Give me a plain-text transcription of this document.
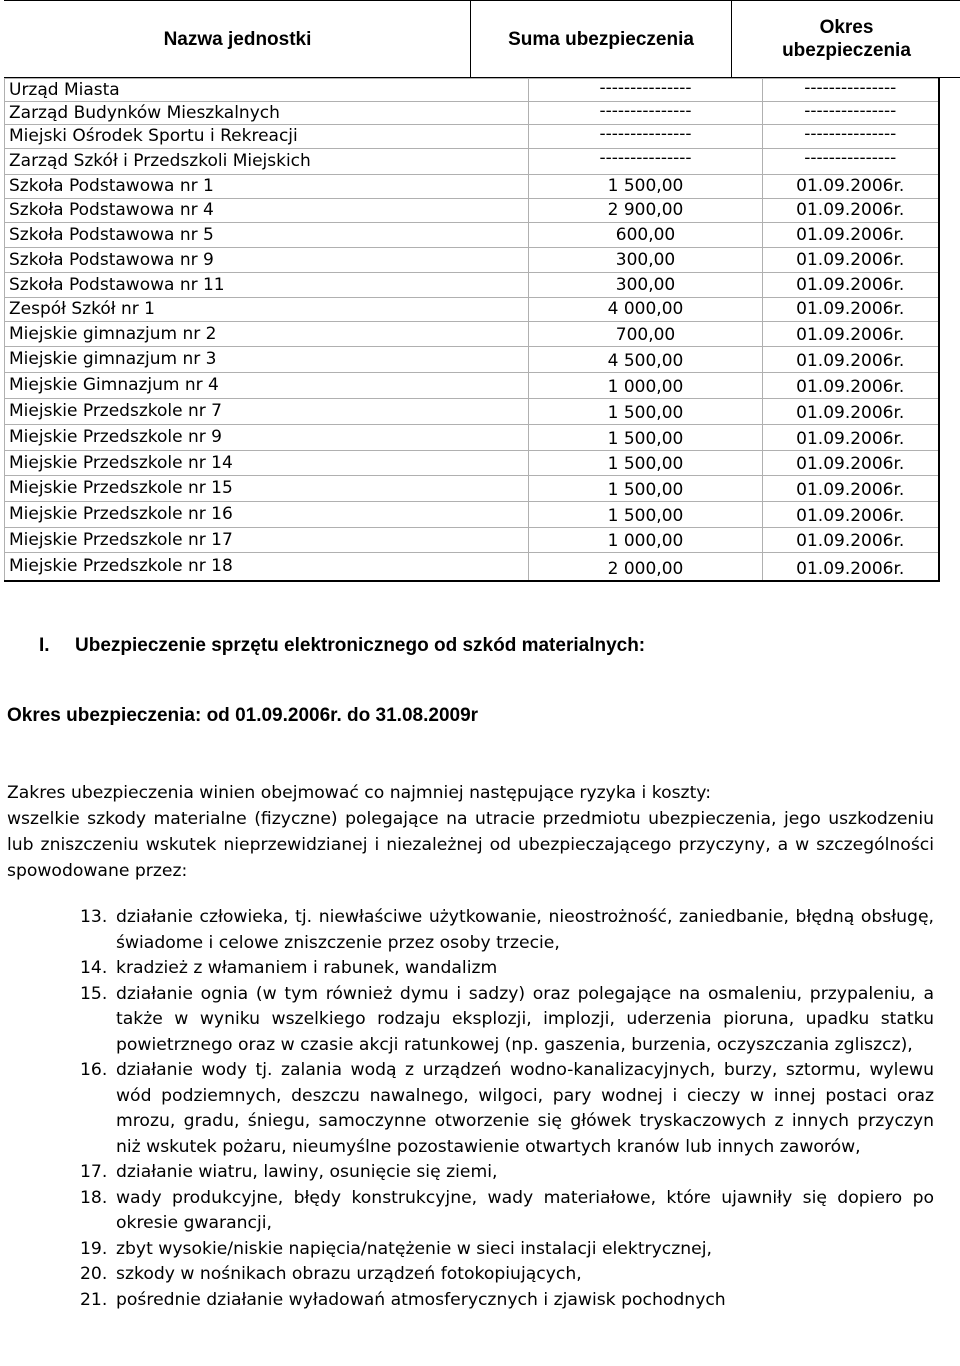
Nazwa jednostki	Suma ubezpieczenia	Okres ubezpieczenia
Urząd Miasta	---------------	---------------
Zarząd Budynków Mieszkalnych	---------------	---------------
Miejski Ośrodek Sportu i Rekreacji	---------------	---------------
Zarząd Szkół i Przedszkoli Miejskich	---------------	---------------
Szkoła Podstawowa nr 1	1 500,00	01.09.2006r.
Szkoła Podstawowa nr 4	2 900,00	01.09.2006r.
Szkoła Podstawowa nr 5	600,00	01.09.2006r.
Szkoła Podstawowa nr 9	300,00	01.09.2006r.
Szkoła Podstawowa nr 11	300,00	01.09.2006r.
Zespół Szkół nr 1	4 000,00	01.09.2006r.
Miejskie gimnazjum nr 2	700,00	01.09.2006r.
Miejskie gimnazjum nr 3	4 500,00	01.09.2006r.
Miejskie Gimnazjum nr 4	1 000,00	01.09.2006r.
Miejskie Przedszkole nr 7	1 500,00	01.09.2006r.
Miejskie Przedszkole nr 9	1 500,00	01.09.2006r.
Miejskie Przedszkole nr 14	1 500,00	01.09.2006r.
Miejskie Przedszkole nr 15	1 500,00	01.09.2006r.
Miejskie Przedszkole nr 16	1 500,00	01.09.2006r.
Miejskie Przedszkole nr 17	1 000,00	01.09.2006r.
Miejskie Przedszkole nr 18	2 000,00	01.09.2006r.
I. Ubezpieczenie sprzętu elektronicznego od szkód materialnych:

Okres ubezpieczenia: od 01.09.2006r. do 31.08.2009r

Zakres ubezpieczenia winien obejmować co najmniej następujące ryzyka i koszty:
wszelkie szkody materialne (fizyczne) polegające na utracie przedmiotu ubezpieczenia, jego uszkodzeniu lub zniszczeniu wskutek nieprzewidzianej i niezależnej od ubezpieczającego przyczyny, a w szczególności spowodowane przez:
13. działanie człowieka, tj. niewłaściwe użytkowanie, nieostrożność, zaniedbanie, błędną obsługę, świadome i celowe zniszczenie przez osoby trzecie,
14. kradzież z włamaniem i rabunek, wandalizm
15. działanie ognia (w tym również dymu i sadzy) oraz polegające na osmaleniu, przypaleniu, a także w wyniku wszelkiego rodzaju eksplozji, implozji, uderzenia pioruna, upadku statku powietrznego oraz w czasie akcji ratunkowej (np. gaszenia, burzenia, oczyszczania zgliszcz),
16. działanie wody tj. zalania wodą z urządzeń wodno-kanalizacyjnych, burzy, sztormu, wylewu wód podziemnych, deszczu nawalnego, wilgoci, pary wodnej i cieczy w innej postaci oraz mrozu, gradu, śniegu, samoczynne otworzenie się główek tryskaczowych z innych przyczyn niż wskutek pożaru, nieumyślne pozostawienie otwartych kranów lub innych zaworów,
17. działanie wiatru, lawiny, osunięcie się ziemi,
18. wady produkcyjne, błędy konstrukcyjne, wady materiałowe, które ujawniły się dopiero po okresie gwarancji,
19. zbyt wysokie/niskie napięcia/natężenie w sieci instalacji elektrycznej,
20. szkody w nośnikach obrazu urządzeń fotokopiujących,
21. pośrednie działanie wyładowań atmosferycznych i zjawisk pochodnych
